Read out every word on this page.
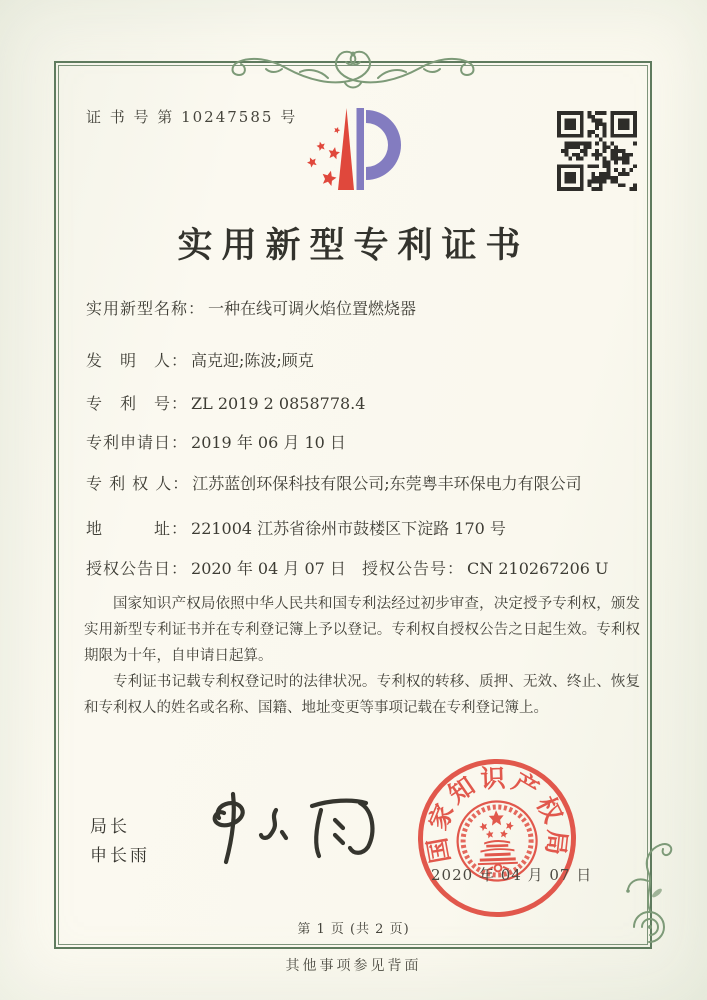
证 书 号 第 10247585 号
实用新型专利证书
实用新型名称： 一种在线可调火焰位置燃烧器
发　明　人： 高克迎;陈波;顾克
专　利　号： ZL 2019 2 0858778.4
专利申请日： 2019 年 06 月 10 日
专 利 权 人： 江苏蓝创环保科技有限公司;东莞粤丰环保电力有限公司
地　　　址： 221004 江苏省徐州市鼓楼区下淀路 170 号
授权公告日： 2020 年 04 月 07 日 授权公告号： CN 210267206 U

国家知识产权局依照中华人民共和国专利法经过初步审查，决定授予专利权，颁发实用新型专利证书并在专利登记簿上予以登记。专利权自授权公告之日起生效。专利权期限为十年，自申请日起算。

专利证书记载专利权登记时的法律状况。专利权的转移、质押、无效、终止、恢复和专利权人的姓名或名称、国籍、地址变更等事项记载在专利登记簿上。

局长
申长雨	国家知识产权局
2020 年 04 月 07 日
第 1 页 (共 2 页)
其他事项参见背面
